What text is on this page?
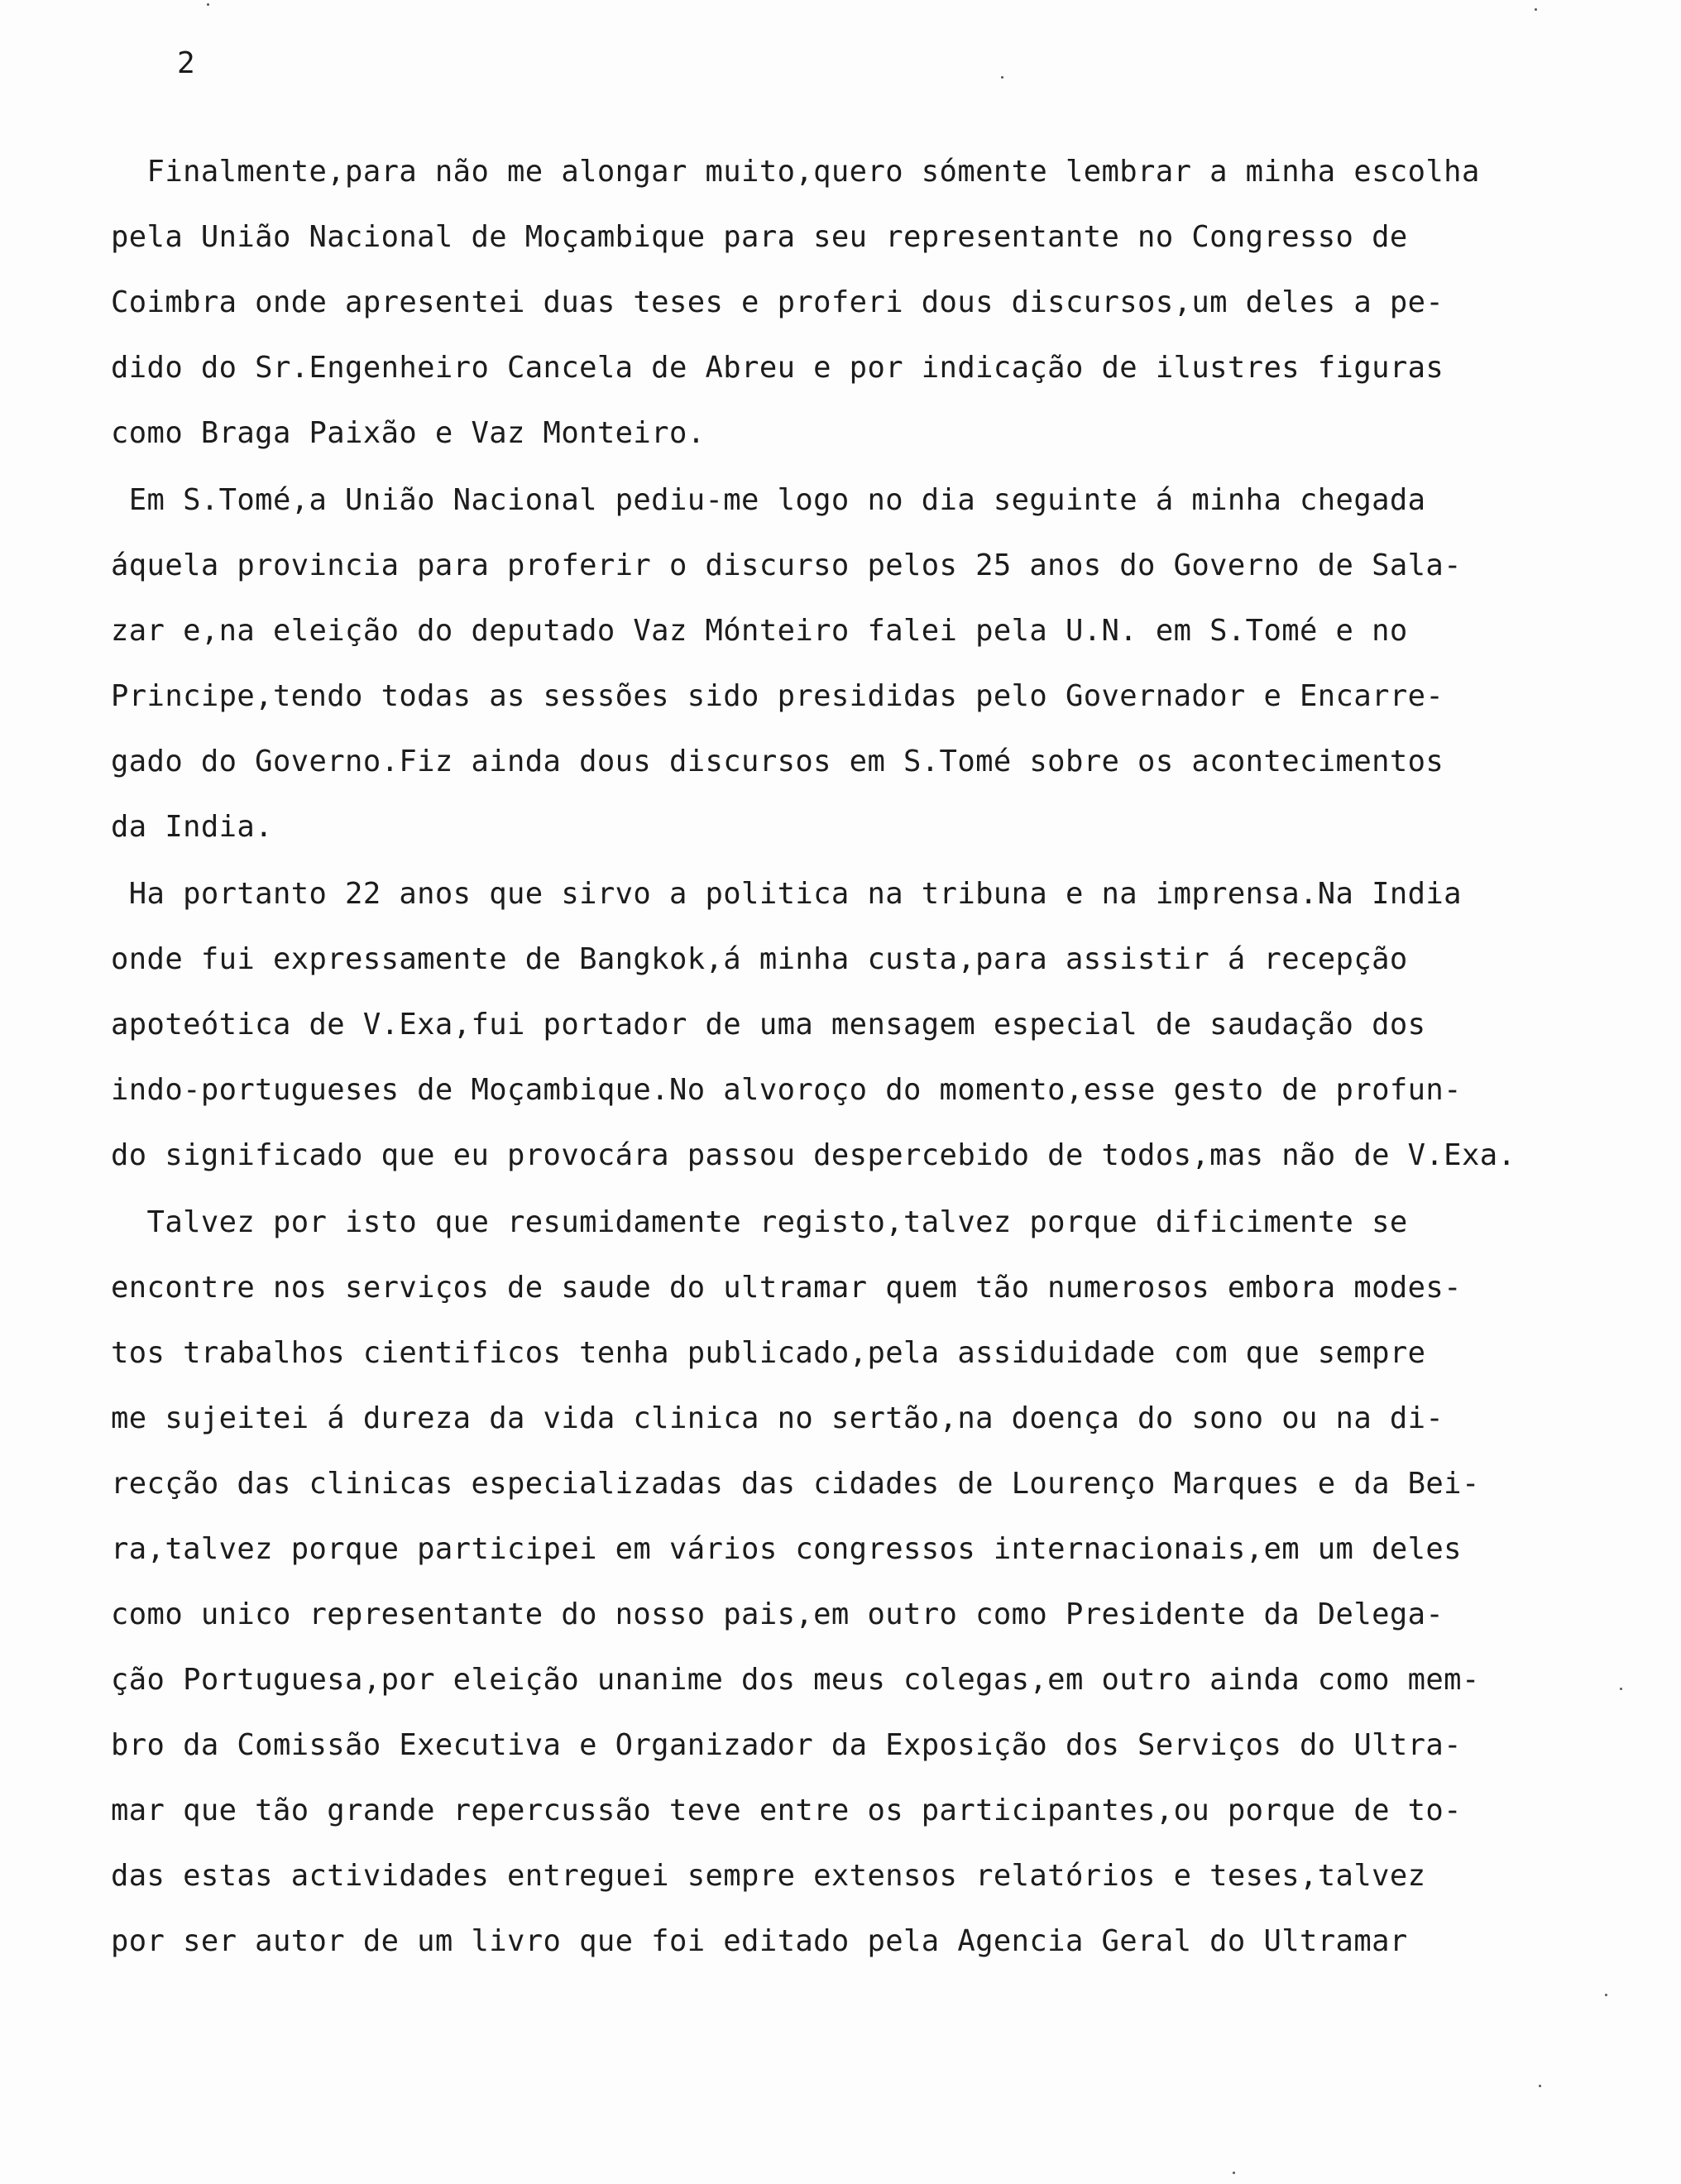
2
Finalmente,para não me alongar muito,quero sómente lembrar a minha escolha
pela União Nacional de Moçambique para seu representante no Congresso de
Coimbra onde apresentei duas teses e proferi dous discursos,um deles a pe-
dido do Sr.Engenheiro Cancela de Abreu e por indicação de ilustres figuras
como Braga Paixão e Vaz Monteiro.
Em S.Tomé,a União Nacional pediu-me logo no dia seguinte á minha chegada
áquela provincia para proferir o discurso pelos 25 anos do Governo de Sala-
zar e,na eleição do deputado Vaz Mónteiro falei pela U.N. em S.Tomé e no
Principe,tendo todas as sessões sido presididas pelo Governador e Encarre-
gado do Governo.Fiz ainda dous discursos em S.Tomé sobre os acontecimentos
da India.
Ha portanto 22 anos que sirvo a politica na tribuna e na imprensa.Na India
onde fui expressamente de Bangkok,á minha custa,para assistir á recepção
apoteótica de V.Exa,fui portador de uma mensagem especial de saudação dos
indo-portugueses de Moçambique.No alvoroço do momento,esse gesto de profun-
do significado que eu provocára passou despercebido de todos,mas não de V.Exa.
Talvez por isto que resumidamente registo,talvez porque dificimente se
encontre nos serviços de saude do ultramar quem tão numerosos embora modes-
tos trabalhos cientificos tenha publicado,pela assiduidade com que sempre
me sujeitei á dureza da vida clinica no sertão,na doença do sono ou na di-
recção das clinicas especializadas das cidades de Lourenço Marques e da Bei-
ra,talvez porque participei em vários congressos internacionais,em um deles
como unico representante do nosso pais,em outro como Presidente da Delega-
ção Portuguesa,por eleição unanime dos meus colegas,em outro ainda como mem-
bro da Comissão Executiva e Organizador da Exposição dos Serviços do Ultra-
mar que tão grande repercussão teve entre os participantes,ou porque de to-
das estas actividades entreguei sempre extensos relatórios e teses,talvez
por ser autor de um livro que foi editado pela Agencia Geral do Ultramar
